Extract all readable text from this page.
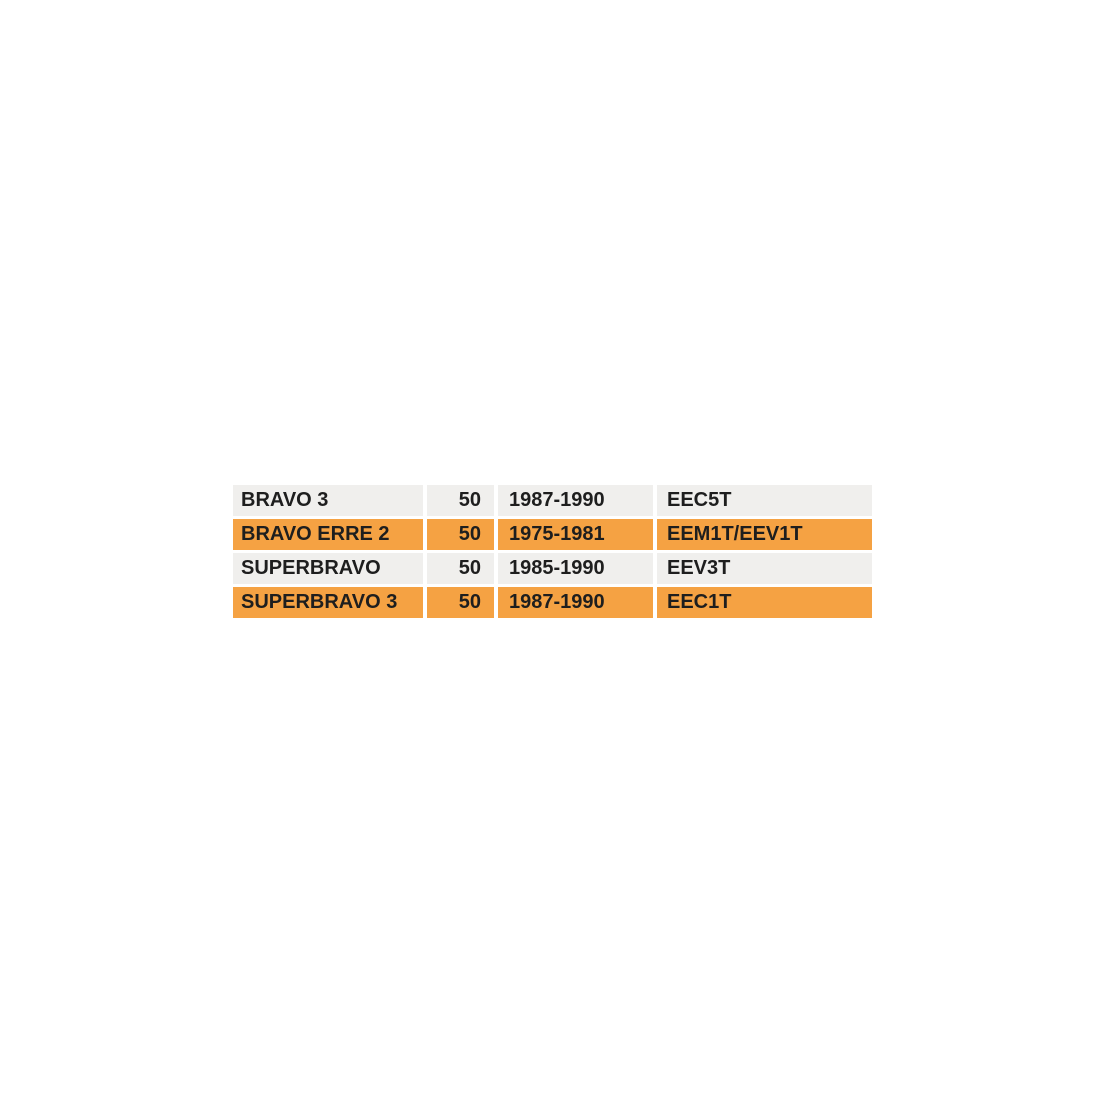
BRAVO 3	50	1987-1990	EEC5T
BRAVO ERRE 2	50	1975-1981	EEM1T/EEV1T
SUPERBRAVO	50	1985-1990	EEV3T
SUPERBRAVO 3	50	1987-1990	EEC1T
